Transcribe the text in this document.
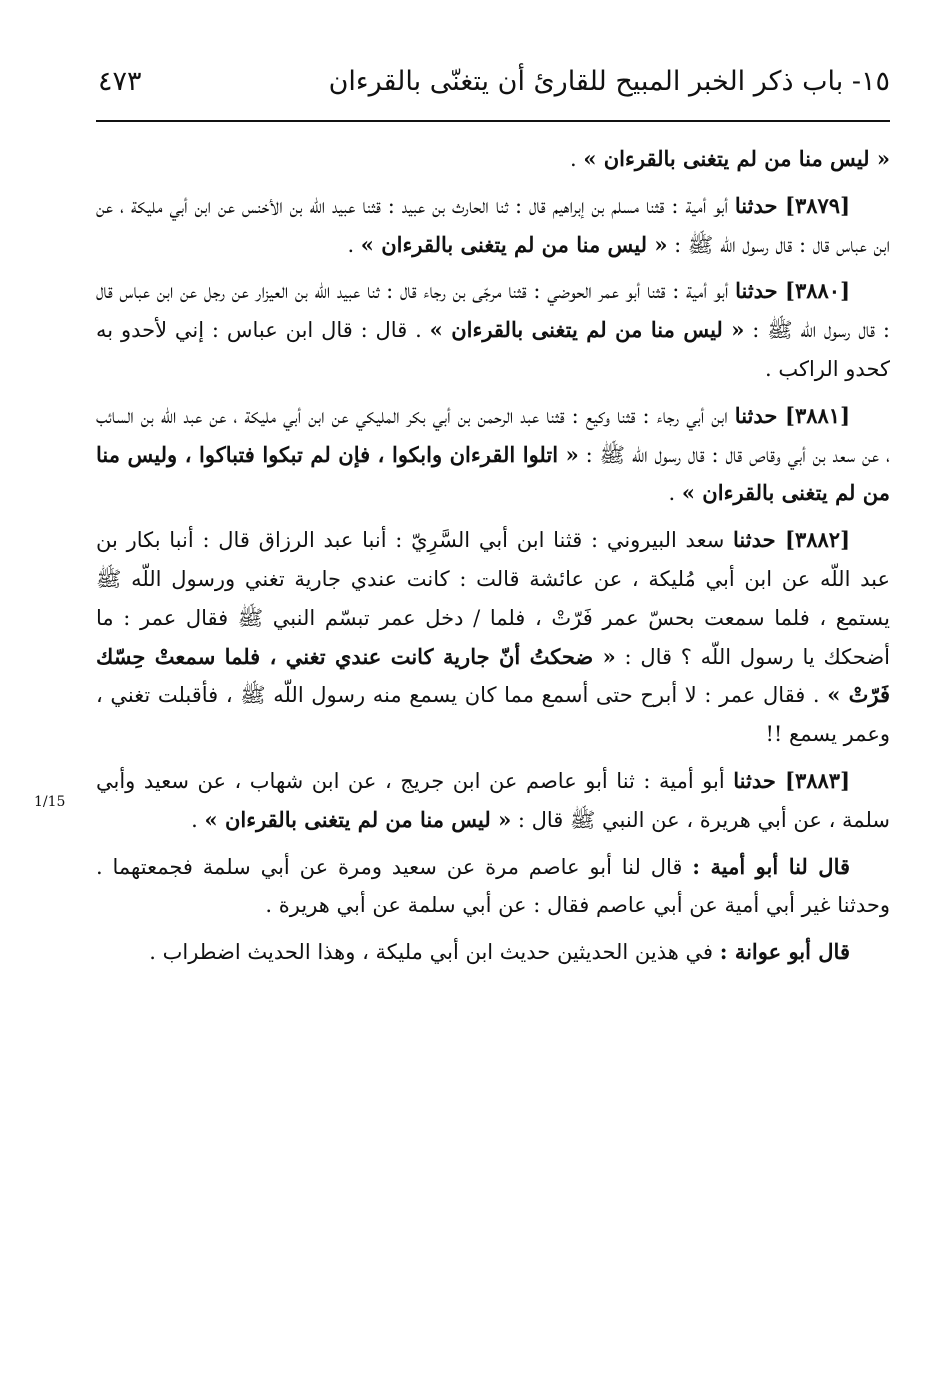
١٥- باب ذكر الخبر المبيح للقارئ أن يتغنّى بالقرءان
٤٧٣

« ليس منا من لم يتغنى بالقرءان » .

[٣٨٧٩] حدثنا أبو أمية : قثنا مسلم بن إبراهيم قال : ثنا الحارث بن عبيد : قثنا عبيد اللّه بن الأخنس عن ابن أبي مليكة ، عن ابن عباس قال : قال رسول اللّه ﷺ : « ليس منا من لم يتغنى بالقرءان » .

[٣٨٨٠] حدثنا أبو أمية : قثنا أبو عمر الحوضي : قثنا مرجّى بن رجاء قال : ثنا عبيد اللّه بن العيزار عن رجل عن ابن عباس قال : قال رسول اللّه ﷺ : « ليس منا من لم يتغنى بالقرءان » . قال : قال ابن عباس : إني لأحدو به كحدو الراكب .

[٣٨٨١] حدثنا ابن أبي رجاء : قثنا وكيع : قثنا عبد الرحمن بن أبي بكر المليكي عن ابن أبي مليكة ، عن عبد اللّه بن السائب ، عن سعد بن أبي وقاص قال : قال رسول اللّه ﷺ : « اتلوا القرءان وابكوا ، فإن لم تبكوا فتباكوا ، وليس منا من لم يتغنى بالقرءان » .

[٣٨٨٢] حدثنا سعد البيروني : قثنا ابن أبي السَّرِيّ : أنبا عبد الرزاق قال : أنبا بكار بن عبد اللّه عن ابن أبي مُليكة ، عن عائشة قالت : كانت عندي جارية تغني ورسول اللّه ﷺ يستمع ، فلما سمعت بحسّ عمر فَرّتْ ، فلما / دخل عمر تبسّم النبي ﷺ فقال عمر : ما أضحكك يا رسول اللّه ؟ قال : « ضحكتُ أنّ جارية كانت عندي تغني ، فلما سمعتْ حِسّك فَرّتْ » . فقال عمر : لا أبرح حتى أسمع مما كان يسمع منه رسول اللّه ﷺ ، فأقبلت تغني ، وعمر يسمع !!

[٣٨٨٣] حدثنا أبو أمية : ثنا أبو عاصم عن ابن جريج ، عن ابن شهاب ، عن سعيد وأبي سلمة ، عن أبي هريرة ، عن النبي ﷺ قال : « ليس منا من لم يتغنى بالقرءان » .

قال لنا أبو أمية : قال لنا أبو عاصم مرة عن سعيد ومرة عن أبي سلمة فجمعتهما . وحدثنا غير أبي أمية عن أبي عاصم فقال : عن أبي سلمة عن أبي هريرة .

قال أبو عوانة : في هذين الحديثين حديث ابن أبي مليكة ، وهذا الحديث اضطراب .

1/15
